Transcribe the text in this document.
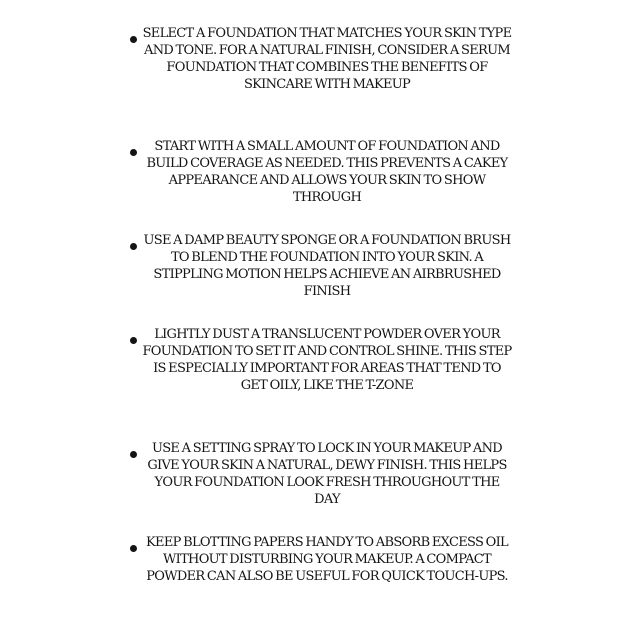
SELECT A FOUNDATION THAT MATCHES YOUR SKIN TYPE AND TONE. FOR A NATURAL FINISH, CONSIDER A SERUM FOUNDATION THAT COMBINES THE BENEFITS OF SKINCARE WITH MAKEUP
START WITH A SMALL AMOUNT OF FOUNDATION AND BUILD COVERAGE AS NEEDED. THIS PREVENTS A CAKEY APPEARANCE AND ALLOWS YOUR SKIN TO SHOW THROUGH
USE A DAMP BEAUTY SPONGE OR A FOUNDATION BRUSH TO BLEND THE FOUNDATION INTO YOUR SKIN. A STIPPLING MOTION HELPS ACHIEVE AN AIRBRUSHED FINISH
LIGHTLY DUST A TRANSLUCENT POWDER OVER YOUR FOUNDATION TO SET IT AND CONTROL SHINE. THIS STEP IS ESPECIALLY IMPORTANT FOR AREAS THAT TEND TO GET OILY, LIKE THE T-ZONE
USE A SETTING SPRAY TO LOCK IN YOUR MAKEUP AND GIVE YOUR SKIN A NATURAL, DEWY FINISH. THIS HELPS YOUR FOUNDATION LOOK FRESH THROUGHOUT THE DAY
KEEP BLOTTING PAPERS HANDY TO ABSORB EXCESS OIL WITHOUT DISTURBING YOUR MAKEUP. A COMPACT POWDER CAN ALSO BE USEFUL FOR QUICK TOUCH-UPS.
